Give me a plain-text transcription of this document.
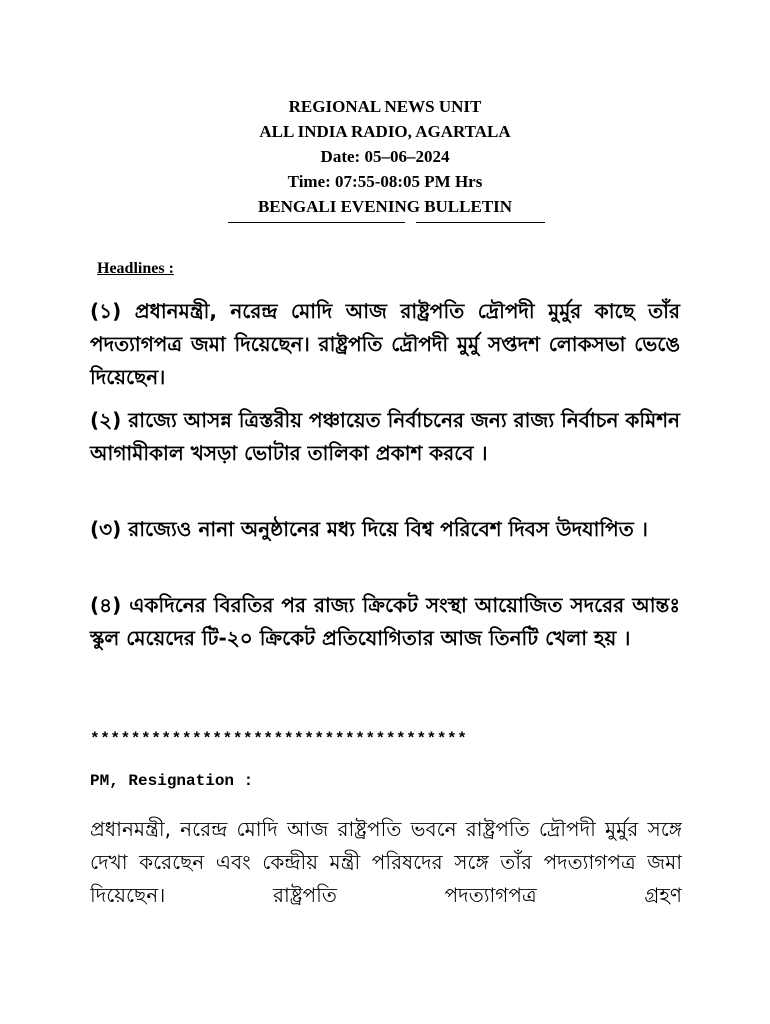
REGIONAL NEWS UNIT
ALL INDIA RADIO, AGARTALA
Date: 05–06–2024
Time: 07:55-08:05 PM Hrs
BENGALI EVENING BULLETIN
Headlines :
(১) প্রধানমন্ত্রী, নরেন্দ্র মোদি আজ রাষ্ট্রপতি দ্রৌপদী মুর্মুর কাছে তাঁর পদত্যাগপত্র জমা দিয়েছেন। রাষ্ট্রপতি দ্রৌপদী মুর্মু সপ্তদশ লোকসভা ভেঙে দিয়েছেন।
(২) রাজ্যে আসন্ন ত্রিস্তরীয় পঞ্চায়েত নির্বাচনের জন্য রাজ্য নির্বাচন কমিশন আগামীকাল খসড়া ভোটার তালিকা প্রকাশ করবে ।
(৩) রাজ্যেও নানা অনুষ্ঠানের মধ্য দিয়ে বিশ্ব পরিবেশ দিবস উদযাপিত ।
(৪) একদিনের বিরতির পর রাজ্য ক্রিকেট সংস্থা আয়োজিত সদরের আন্তঃ স্কুল মেয়েদের টি-২০ ক্রিকেট প্রতিযোগিতার আজ তিনটি খেলা হয় ।
*************************************
PM, Resignation :
প্রধানমন্ত্রী, নরেন্দ্র মোদি আজ রাষ্ট্রপতি ভবনে রাষ্ট্রপতি দ্রৌপদী মুর্মুর সঙ্গে দেখা করেছেন এবং কেন্দ্রীয় মন্ত্রী পরিষদের সঙ্গে তাঁর পদত্যাগপত্র জমা দিয়েছেন। রাষ্ট্রপতি পদত্যাগপত্র গ্রহণ
